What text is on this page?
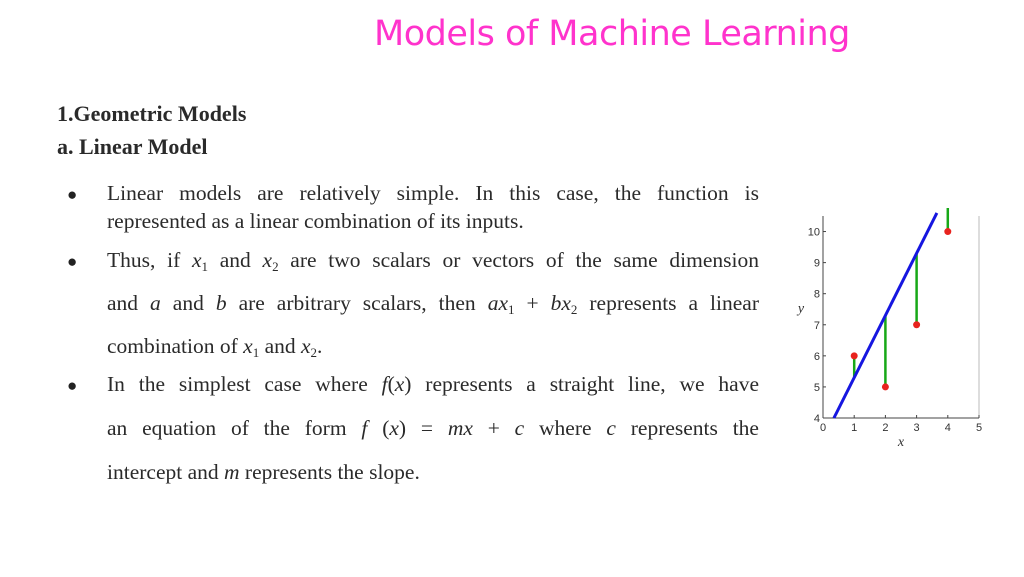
Models of Machine Learning
1.Geometric Models
a. Linear Model
● Linear models are relatively simple. In this case, the function is
represented as a linear combination of its inputs.
● Thus, if $x_1$ and $x_2$ are two scalars or vectors of the same dimension
and a and b are arbitrary scalars, then $ax_1 + bx_2$ represents a linear
combination of $x_1$ and $x_2$.
● In the simplest case where f(x) represents a straight line, we have
an equation of the form f (x) = mx + c where c represents the
intercept and m represents the slope.
0 1 2 3 4 5
4
5
6
7
8
9
10
x
y
